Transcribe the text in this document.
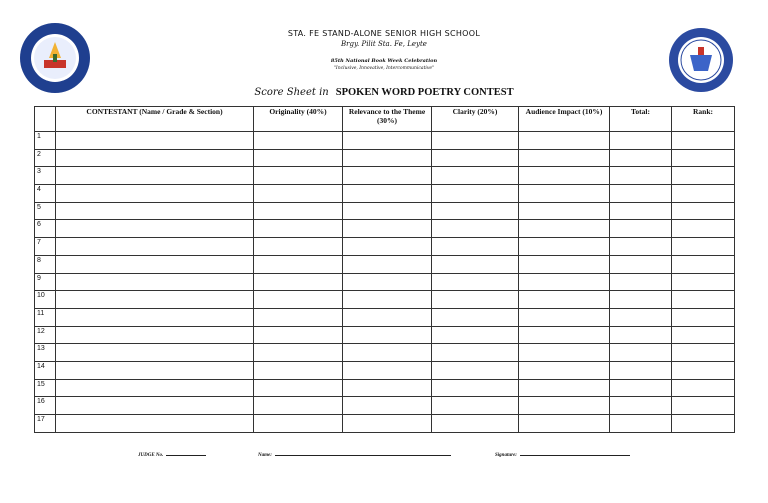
STA. FE STAND-ALONE SENIOR HIGH SCHOOL
Brgy. Pilit Sta. Fe, Leyte
85th National Book Week Celebration
"Inclusive, Innovative, Intercommunicative"
Score Sheet in SPOKEN WORD POETRY CONTEST
	CONTESTANT (Name / Grade & Section)	Originality (40%)	Relevance to the Theme (30%)	Clarity (20%)	Audience Impact (10%)	Total:	Rank:
1							
2							
3							
4							
5							
6							
7							
8							
9							
10							
11							
12							
13							
14							
15							
16							
17							
JUDGE No.	Name:	Signature:
